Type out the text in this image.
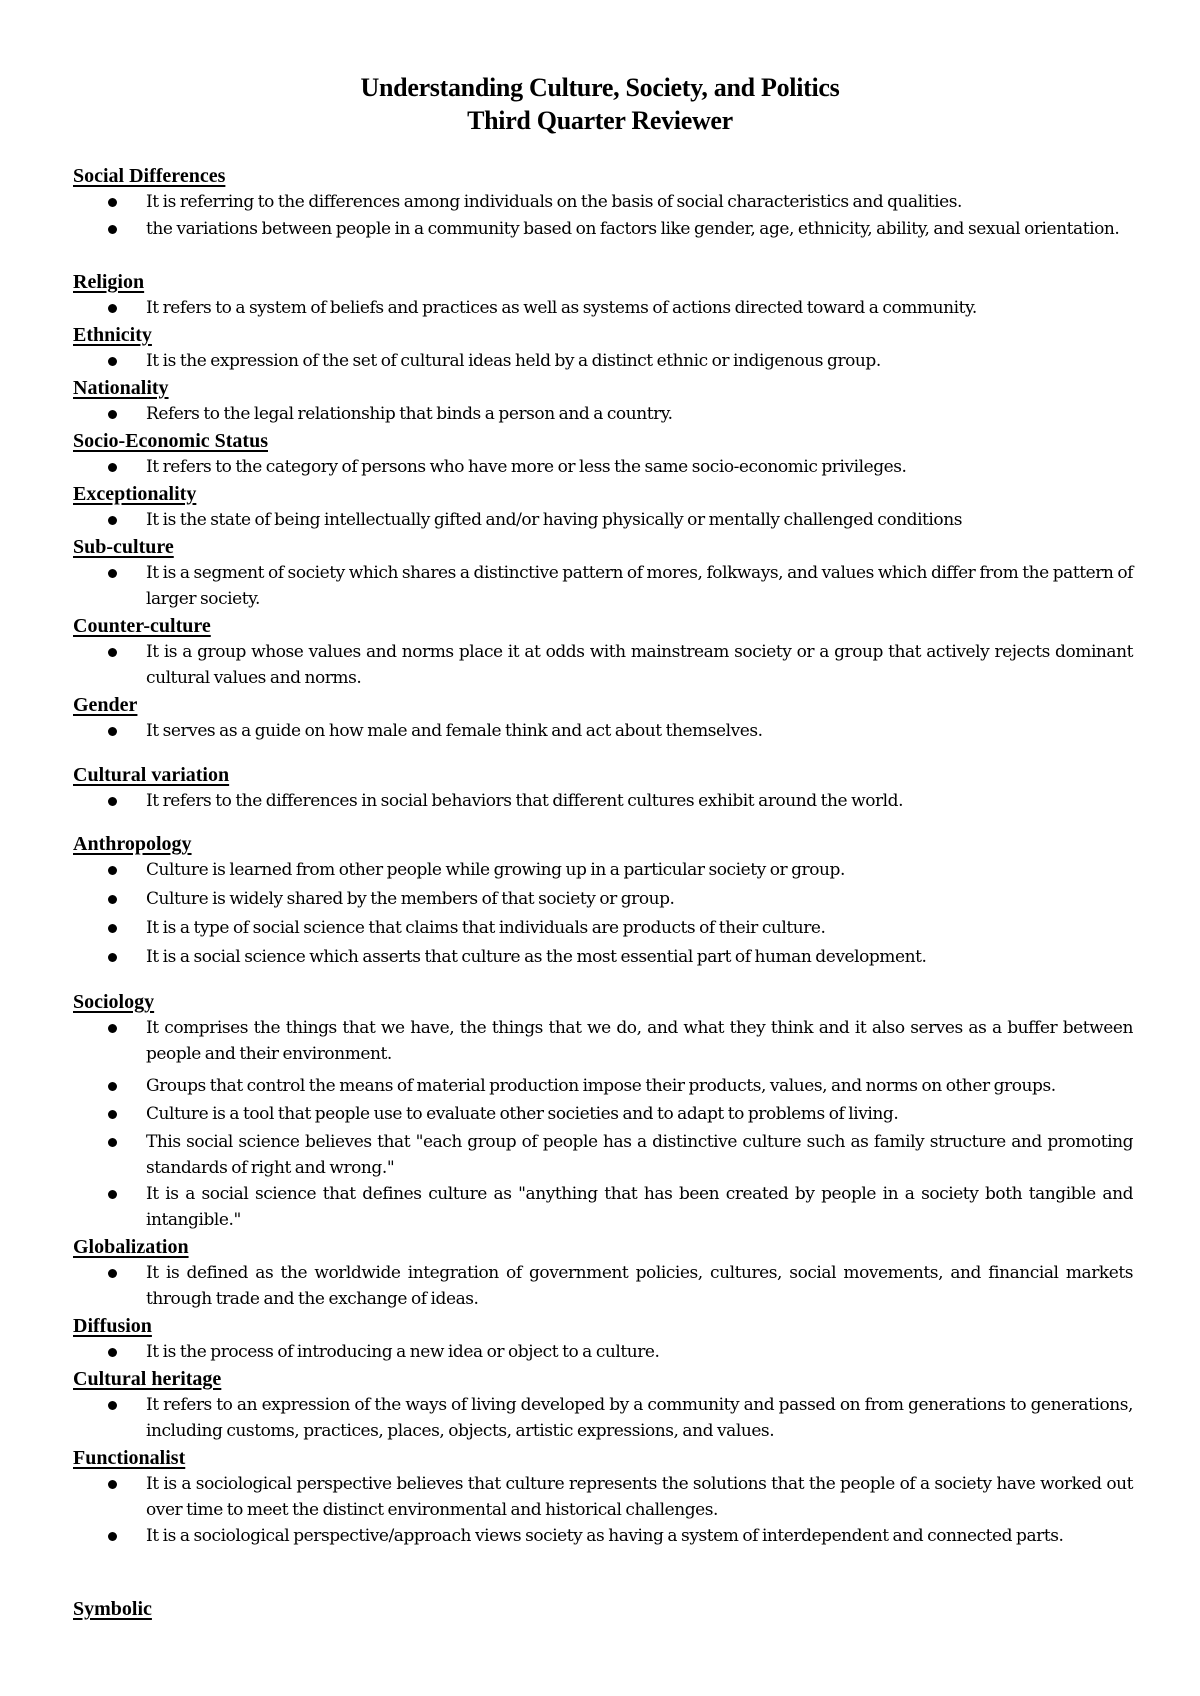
Understanding Culture, Society, and Politics
Third Quarter Reviewer
Social Differences
It is referring to the differences among individuals on the basis of social characteristics and qualities.
the variations between people in a community based on factors like gender, age, ethnicity, ability, and sexual orientation.
Religion
It refers to a system of beliefs and practices as well as systems of actions directed toward a community.
Ethnicity
It is the expression of the set of cultural ideas held by a distinct ethnic or indigenous group.
Nationality
Refers to the legal relationship that binds a person and a country.
Socio-Economic Status
It refers to the category of persons who have more or less the same socio-economic privileges.
Exceptionality
It is the state of being intellectually gifted and/or having physically or mentally challenged conditions
Sub-culture
It is a segment of society which shares a distinctive pattern of mores, folkways, and values which differ from the pattern of larger society.
Counter-culture
It is a group whose values and norms place it at odds with mainstream society or a group that actively rejects dominant cultural values and norms.
Gender
It serves as a guide on how male and female think and act about themselves.
Cultural variation
It refers to the differences in social behaviors that different cultures exhibit around the world.
Anthropology
Culture is learned from other people while growing up in a particular society or group.
Culture is widely shared by the members of that society or group.
It is a type of social science that claims that individuals are products of their culture.
It is a social science which asserts that culture as the most essential part of human development.
Sociology
It comprises the things that we have, the things that we do, and what they think and it also serves as a buffer between people and their environment.
Groups that control the means of material production impose their products, values, and norms on other groups.
Culture is a tool that people use to evaluate other societies and to adapt to problems of living.
This social science believes that "each group of people has a distinctive culture such as family structure and promoting standards of right and wrong."
It is a social science that defines culture as "anything that has been created by people in a society both tangible and intangible."
Globalization
It is defined as the worldwide integration of government policies, cultures, social movements, and financial markets through trade and the exchange of ideas.
Diffusion
It is the process of introducing a new idea or object to a culture.
Cultural heritage
It refers to an expression of the ways of living developed by a community and passed on from generations to generations, including customs, practices, places, objects, artistic expressions, and values.
Functionalist
It is a sociological perspective believes that culture represents the solutions that the people of a society have worked out over time to meet the distinct environmental and historical challenges.
It is a sociological perspective/approach views society as having a system of interdependent and connected parts.
Symbolic
